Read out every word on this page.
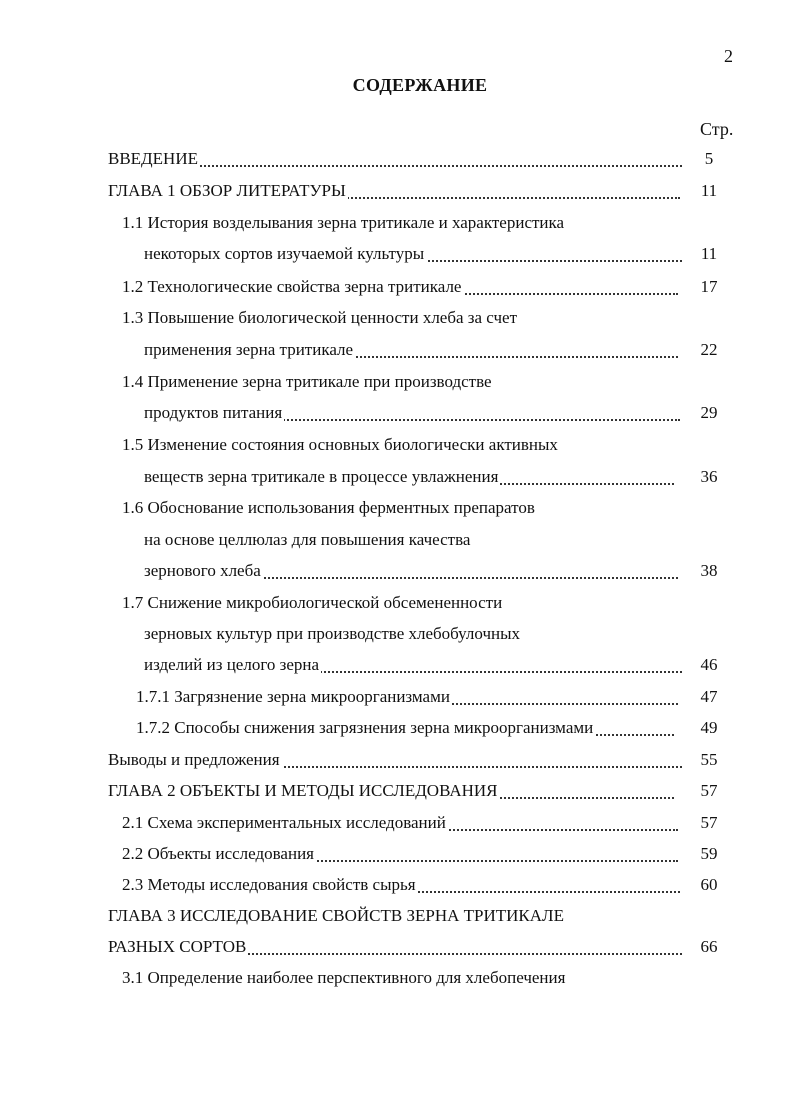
2
СОДЕРЖАНИЕ
Стр.
ВВЕДЕНИЕ	5
ГЛАВА 1 ОБЗОР ЛИТЕРАТУРЫ	11
1.1 История возделывания зерна тритикале и характеристика
некоторых сортов изучаемой культуры	11
1.2 Технологические свойства зерна тритикале	17
1.3 Повышение биологической ценности хлеба за счет
применения зерна тритикале	22
1.4 Применение зерна тритикале при производстве
продуктов питания	29
1.5 Изменение состояния основных биологически активных
веществ зерна тритикале в процессе увлажнения	36
1.6 Обоснование использования ферментных препаратов
на основе целлюлаз для повышения качества
зернового хлеба	38
1.7 Снижение микробиологической обсемененности
зерновых культур при производстве хлебобулочных
изделий из целого зерна	46
1.7.1 Загрязнение зерна микроорганизмами	47
1.7.2 Способы снижения загрязнения зерна микроорганизмами	49
Выводы и предложения	55
ГЛАВА 2 ОБЪЕКТЫ И МЕТОДЫ ИССЛЕДОВАНИЯ	57
2.1 Схема экспериментальных исследований	57
2.2 Объекты исследования	59
2.3 Методы исследования свойств сырья	60
ГЛАВА 3 ИССЛЕДОВАНИЕ СВОЙСТВ ЗЕРНА ТРИТИКАЛЕ
РАЗНЫХ СОРТОВ	66
3.1 Определение наиболее перспективного для хлебопечения
